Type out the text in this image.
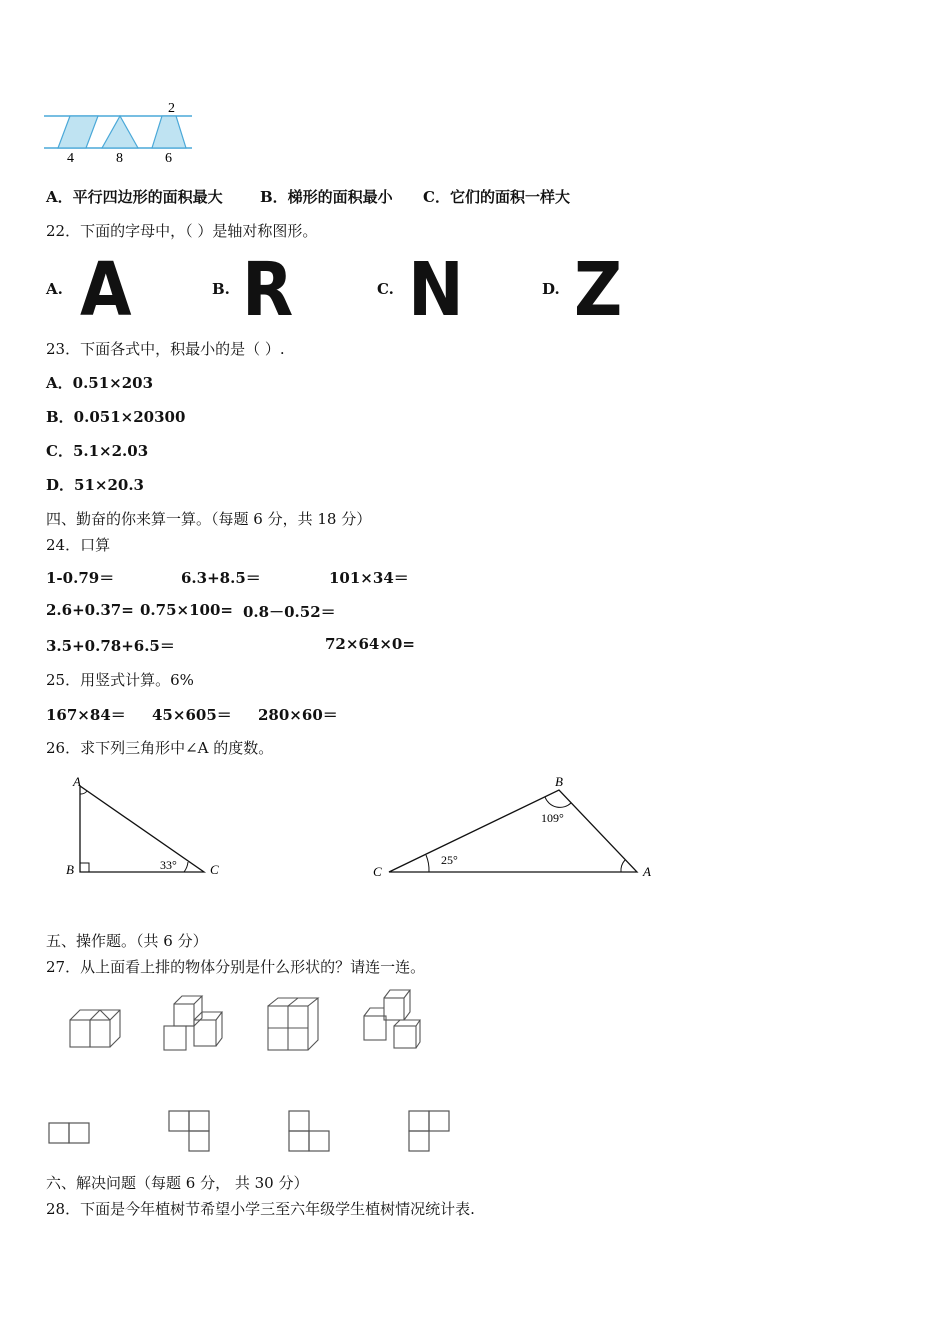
2
4	8	6
A．平行四边形的面积最大 B．梯形的面积最小 C．它们的面积一样大
22．下面的字母中，（ ）是轴对称图形。
A. A	B. R	C. N	D. Z
23．下面各式中，积最小的是（ ）.
A．0.51×203
B．0.051×20300
C．5.1×2.03
D．51×20.3
四、勤奋的你来算一算。（每题 6 分，共 18 分）
24．口算
1-0.79＝	6.3+8.5＝	101×34＝
2.6+0.37= 0.75×100= 0.8－0.52＝
3.5+0.78+6.5＝	72×64×0=
25．用竖式计算。6%
167×84＝ 45×605＝ 280×60＝
26．求下列三角形中∠A 的度数。
A
B	C
33°
B
C	A
109°
25°
五、操作题。（共 6 分）
27．从上面看上排的物体分别是什么形状的？请连一连。
六、解决问题（每题 6 分， 共 30 分）
28．下面是今年植树节希望小学三至六年级学生植树情况统计表.
